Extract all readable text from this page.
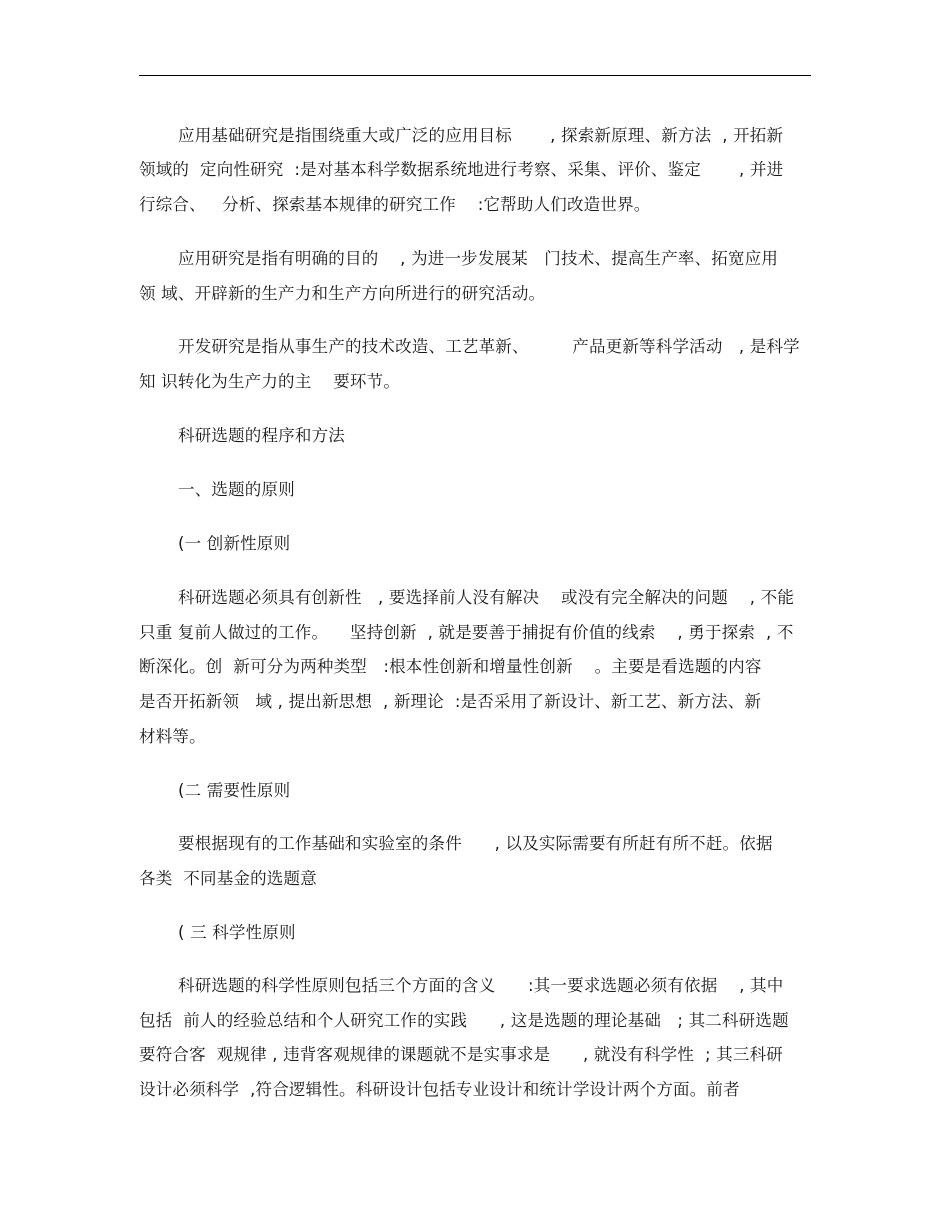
应用基础研究是指围绕重大或广泛的应用目标       , 探索新原理、新方法  , 开拓新
领域的  定向性研究  :是对基本科学数据系统地进行考察、采集、评价、鉴定       , 并进
行综合、   分析、探索基本规律的研究工作    :它帮助人们改造世界。
应用研究是指有明确的目的    , 为进一步发展某   门技术、提高生产率、拓宽应用
领 域、开辟新的生产力和生产方向所进行的研究活动。
开发研究是指从事生产的技术改造、工艺革新、        产品更新等科学活动   , 是科学
知 识转化为生产力的主    要环节。
科研选题的程序和方法
一、选题的原则
(一 创新性原则
科研选题必须具有创新性   , 要选择前人没有解决    或没有完全解决的问题    , 不能
只重 复前人做过的工作。    坚持创新  , 就是要善于捕捉有价值的线索    , 勇于探索  , 不
断深化。创  新可分为两种类型   :根本性创新和增量性创新    。主要是看选题的内容
是否开拓新领   域 , 提出新思想  , 新理论  :是否采用了新设计、新工艺、新方法、新
材料等。
(二 需要性原则
要根据现有的工作基础和实验室的条件      , 以及实际需要有所赶有所不赶。依据
各类  不同基金的选题意
( 三 科学性原则
科研选题的科学性原则包括三个方面的含义      :其一要求选题必须有依据    , 其中
包括  前人的经验总结和个人研究工作的实践      , 这是选题的理论基础   ; 其二科研选题
要符合客  观规律 , 违背客观规律的课题就不是实事求是      , 就没有科学性  ; 其三科研
设计必须科学  ,符合逻辑性。科研设计包括专业设计和统计学设计两个方面。前者
